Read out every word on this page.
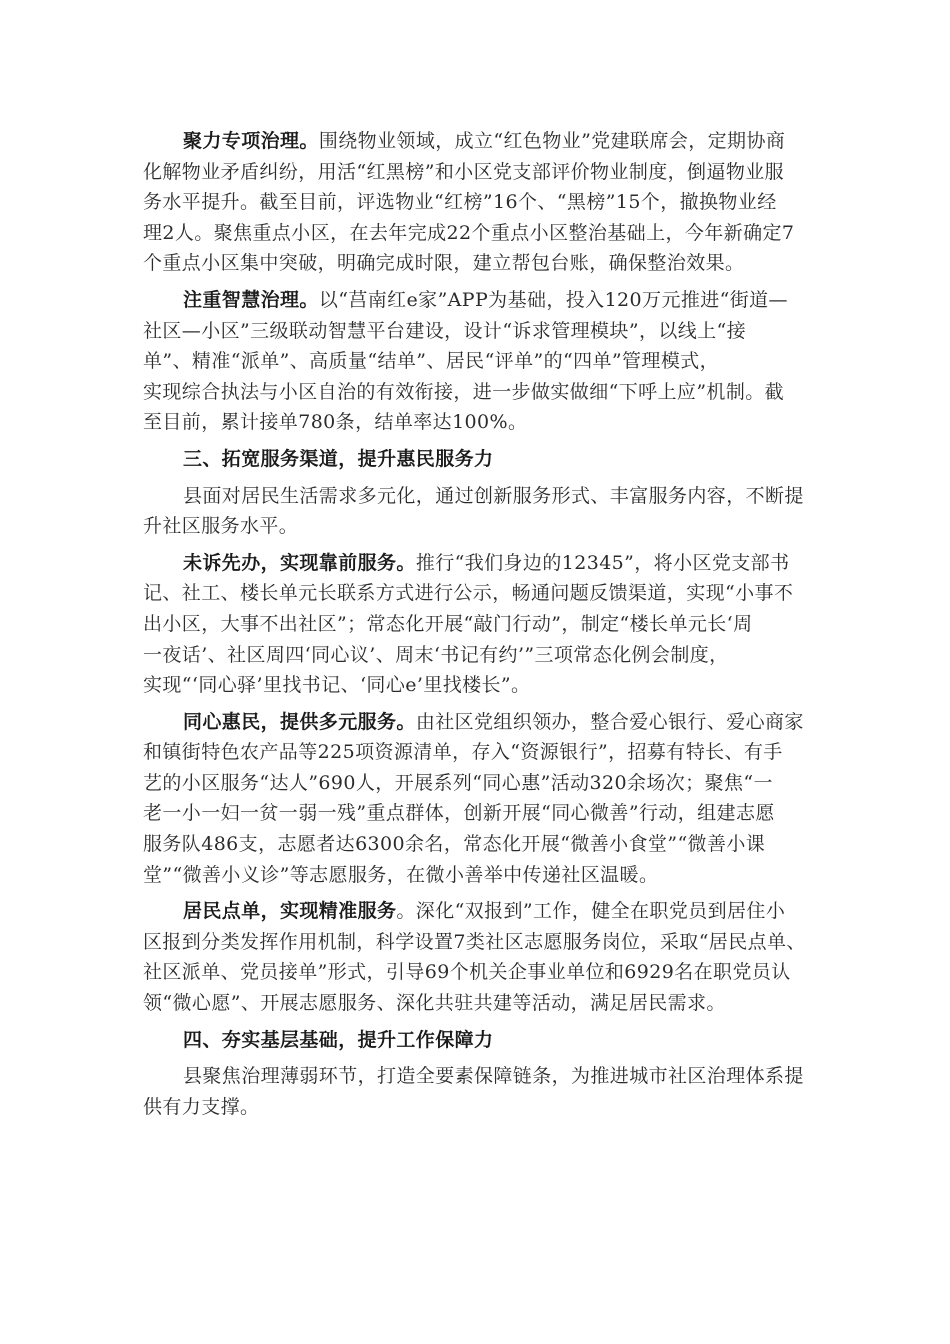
聚力专项治理。围绕物业领域，成立“红色物业”党建联席会，定期协商
化解物业矛盾纠纷，用活“红黑榜”和小区党支部评价物业制度，倒逼物业服
务水平提升。截至目前，评选物业“红榜”16个、“黑榜”15个，撤换物业经
理2人。聚焦重点小区，在去年完成22个重点小区整治基础上，今年新确定7
个重点小区集中突破，明确完成时限，建立帮包台账，确保整治效果。
注重智慧治理。以“莒南红e家”APP为基础，投入120万元推进“街道—
社区—小区”三级联动智慧平台建设，设计“诉求管理模块”，以线上“接
单”、精准“派单”、高质量“结单”、居民“评单”的“四单”管理模式，
实现综合执法与小区自治的有效衔接，进一步做实做细“下呼上应”机制。截
至目前，累计接单780条，结单率达100%。
三、拓宽服务渠道，提升惠民服务力
县面对居民生活需求多元化，通过创新服务形式、丰富服务内容，不断提
升社区服务水平。
未诉先办，实现靠前服务。推行“我们身边的12345”，将小区党支部书
记、社工、楼长单元长联系方式进行公示，畅通问题反馈渠道，实现“小事不
出小区，大事不出社区”；常态化开展“敲门行动”，制定“楼长单元长‘周
一夜话’、社区周四‘同心议’、周末‘书记有约’”三项常态化例会制度，
实现“‘同心驿’里找书记、‘同心e’里找楼长”。
同心惠民，提供多元服务。由社区党组织领办，整合爱心银行、爱心商家
和镇街特色农产品等225项资源清单，存入“资源银行”，招募有特长、有手
艺的小区服务“达人”690人，开展系列“同心惠”活动320余场次；聚焦“一
老一小一妇一贫一弱一残”重点群体，创新开展“同心微善”行动，组建志愿
服务队486支，志愿者达6300余名，常态化开展“微善小食堂”“微善小课
堂”“微善小义诊”等志愿服务，在微小善举中传递社区温暖。
居民点单，实现精准服务。深化“双报到”工作，健全在职党员到居住小
区报到分类发挥作用机制，科学设置7类社区志愿服务岗位，采取“居民点单、
社区派单、党员接单”形式，引导69个机关企事业单位和6929名在职党员认
领“微心愿”、开展志愿服务、深化共驻共建等活动，满足居民需求。
四、夯实基层基础，提升工作保障力
县聚焦治理薄弱环节，打造全要素保障链条，为推进城市社区治理体系提
供有力支撑。
